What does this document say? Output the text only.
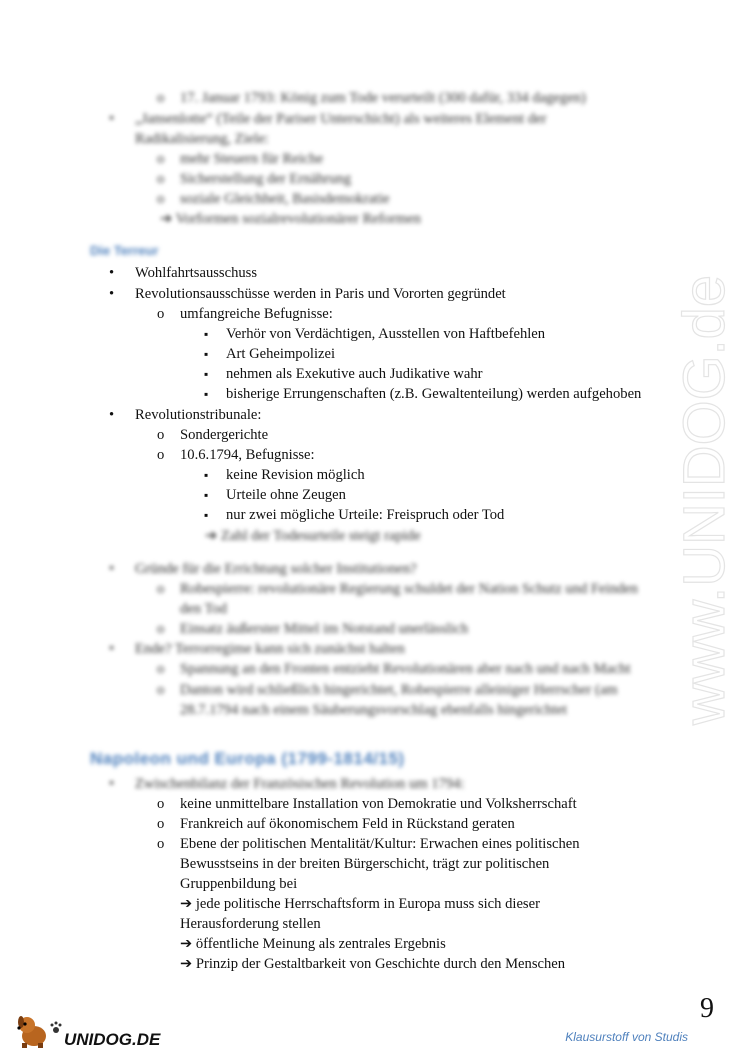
o 17. Januar 1793: König zum Tode verurteilt (300 dafür, 334 dagegen)
• „Jansenlotte“ (Teile der Pariser Unterschicht) als weiteres Element der
Radikalisierung, Ziele:
o mehr Steuern für Reiche
o Sicherstellung der Ernährung
o soziale Gleichheit, Basisdemokratie
➔ Vorformen sozialrevolutionärer Reformen
Die Terreur
• Wohlfahrtsausschuss
• Revolutionsausschüsse werden in Paris und Vororten gegründet
o umfangreiche Befugnisse:
▪ Verhör von Verdächtigen, Ausstellen von Haftbefehlen
▪ Art Geheimpolizei
▪ nehmen als Exekutive auch Judikative wahr
▪ bisherige Errungenschaften (z.B. Gewaltenteilung) werden aufgehoben
• Revolutionstribunale:
o Sondergerichte
o 10.6.1794, Befugnisse:
▪ keine Revision möglich
▪ Urteile ohne Zeugen
▪ nur zwei mögliche Urteile: Freispruch oder Tod
➔ Zahl der Todesurteile steigt rapide
• Gründe für die Errichtung solcher Institutionen?
o Robespierre: revolutionäre Regierung schuldet der Nation Schutz und Feinden
den Tod
o Einsatz äußerster Mittel im Notstand unerlässlich
• Ende? Terrorregime kann sich zunächst halten
o Spannung an den Fronten entzieht Revolutionären aber nach und nach Macht
o Danton wird schließlich hingerichtet, Robespierre alleiniger Herrscher (am
28.7.1794 nach einem Säuberungsvorschlag ebenfalls hingerichtet
Napoleon und Europa (1799-1814/15)
• Zwischenbilanz der Französischen Revolution um 1794:
o keine unmittelbare Installation von Demokratie und Volksherrschaft
o Frankreich auf ökonomischem Feld in Rückstand geraten
o Ebene der politischen Mentalität/Kultur: Erwachen eines politischen
Bewusstseins in der breiten Bürgerschicht, trägt zur politischen
Gruppenbildung bei
➔ jede politische Herrschaftsform in Europa muss sich dieser
Herausforderung stellen
➔ öffentliche Meinung als zentrales Ergebnis
➔ Prinzip der Gestaltbarkeit von Geschichte durch den Menschen
www.UNIDOG.de
UNIDOG.DE
9
Klausurstoff von Studis
